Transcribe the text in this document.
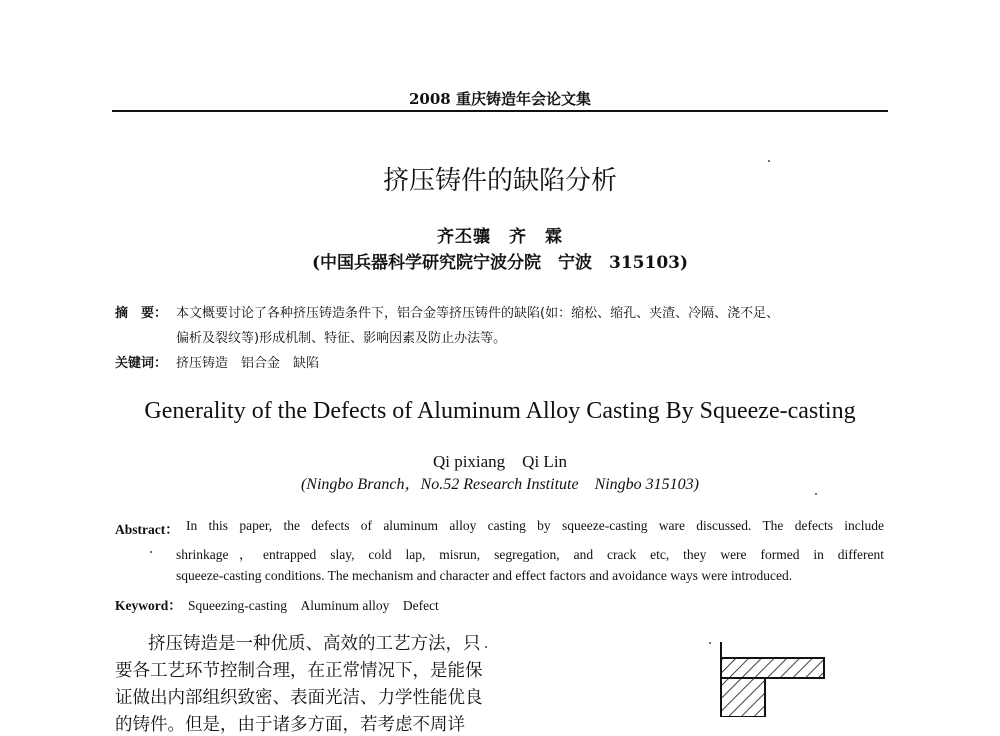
2008 重庆铸造年会论文集
挤压铸件的缺陷分析
齐丕骧　齐　霖
(中国兵器科学研究院宁波分院　宁波　315103)
摘　要： 本文概要讨论了各种挤压铸造条件下，铝合金等挤压铸件的缺陷(如：缩松、缩孔、夹渣、冷隔、浇不足、
偏析及裂纹等)形成机制、特征、影响因素及防止办法等。
关键词： 挤压铸造　铝合金　缺陷
Generality of the Defects of Aluminum Alloy Casting By Squeeze-casting
Qi pixiang　Qi Lin
(Ningbo Branch，No.52 Research Institute　Ningbo 315103)
Abstract： In this paper, the defects of aluminum alloy casting by squeeze-casting ware discussed. The defects include
shrinkage，entrapped slay, cold lap, misrun, segregation, and crack etc, they were formed in different
squeeze-casting conditions. The mechanism and character and effect factors and avoidance ways were introduced.
Keyword： Squeezing-casting　Aluminum alloy　Defect
挤压铸造是一种优质、高效的工艺方法，只
要各工艺环节控制合理，在正常情况下，是能保
证做出内部组织致密、表面光洁、力学性能优良
的铸件。但是，由于诸多方面，若考虑不周详
